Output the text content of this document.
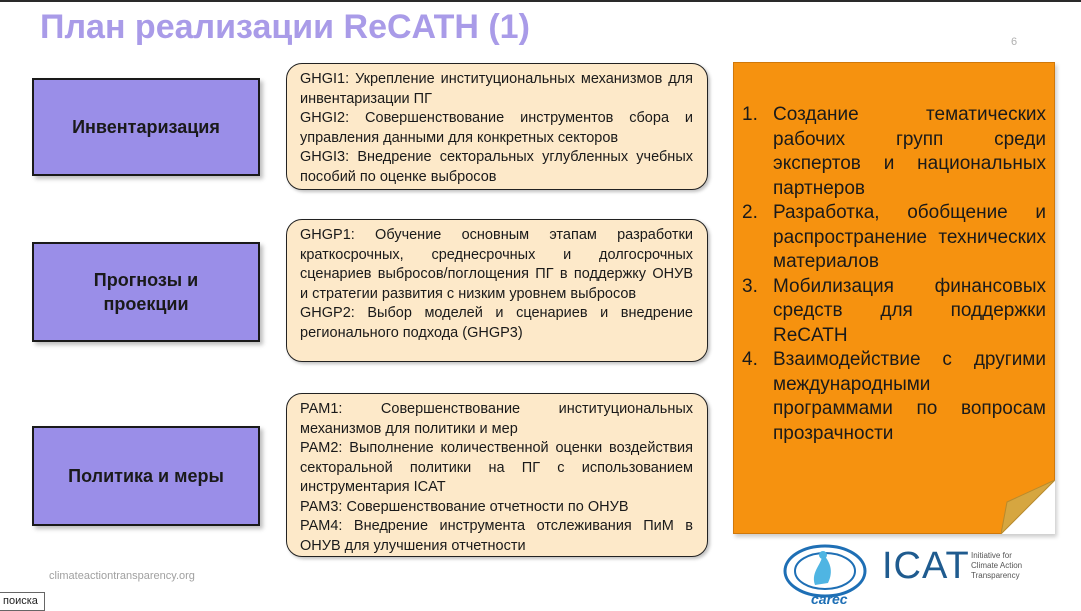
План реализации ReCATH (1)	6
Инвентаризация
Прогнозы и проекции
Политика и меры

GHGI1: Укрепление институциональных механизмов для инвентаризации ПГ

GHGI2: Совершенствование инструментов сбора и управления данными для конкретных секторов

GHGI3: Внедрение секторальных углубленных учебных пособий по оценке выбросов

GHGP1: Обучение основным этапам разработки краткосрочных, среднесрочных и долгосрочных сценариев выбросов/поглощения ПГ в поддержку ОНУВ и стратегии развития с низким уровнем выбросов

GHGP2: Выбор моделей и сценариев и внедрение регионального подхода (GHGP3)

PAM1: Совершенствование институциональных механизмов для политики и мер

PAM2: Выполнение количественной оценки воздействия секторальной политики на ПГ с использованием инструментария ICAT

PAM3: Совершенствование отчетности по ОНУВ

PAM4: Внедрение инструмента отслеживания ПиМ в ОНУВ для улучшения отчетности

1. Создание тематических рабочих групп среди экспертов и национальных партнеров
2. Разработка, обобщение и распространение технических материалов
3. Мобилизация финансовых средств для поддержки ReCATH
4. Взаимодействие с другими международными программами по вопросам прозрачности
climateactiontransparency.org
поиска	carec
ICAT Initiative for
Climate Action
Transparency
